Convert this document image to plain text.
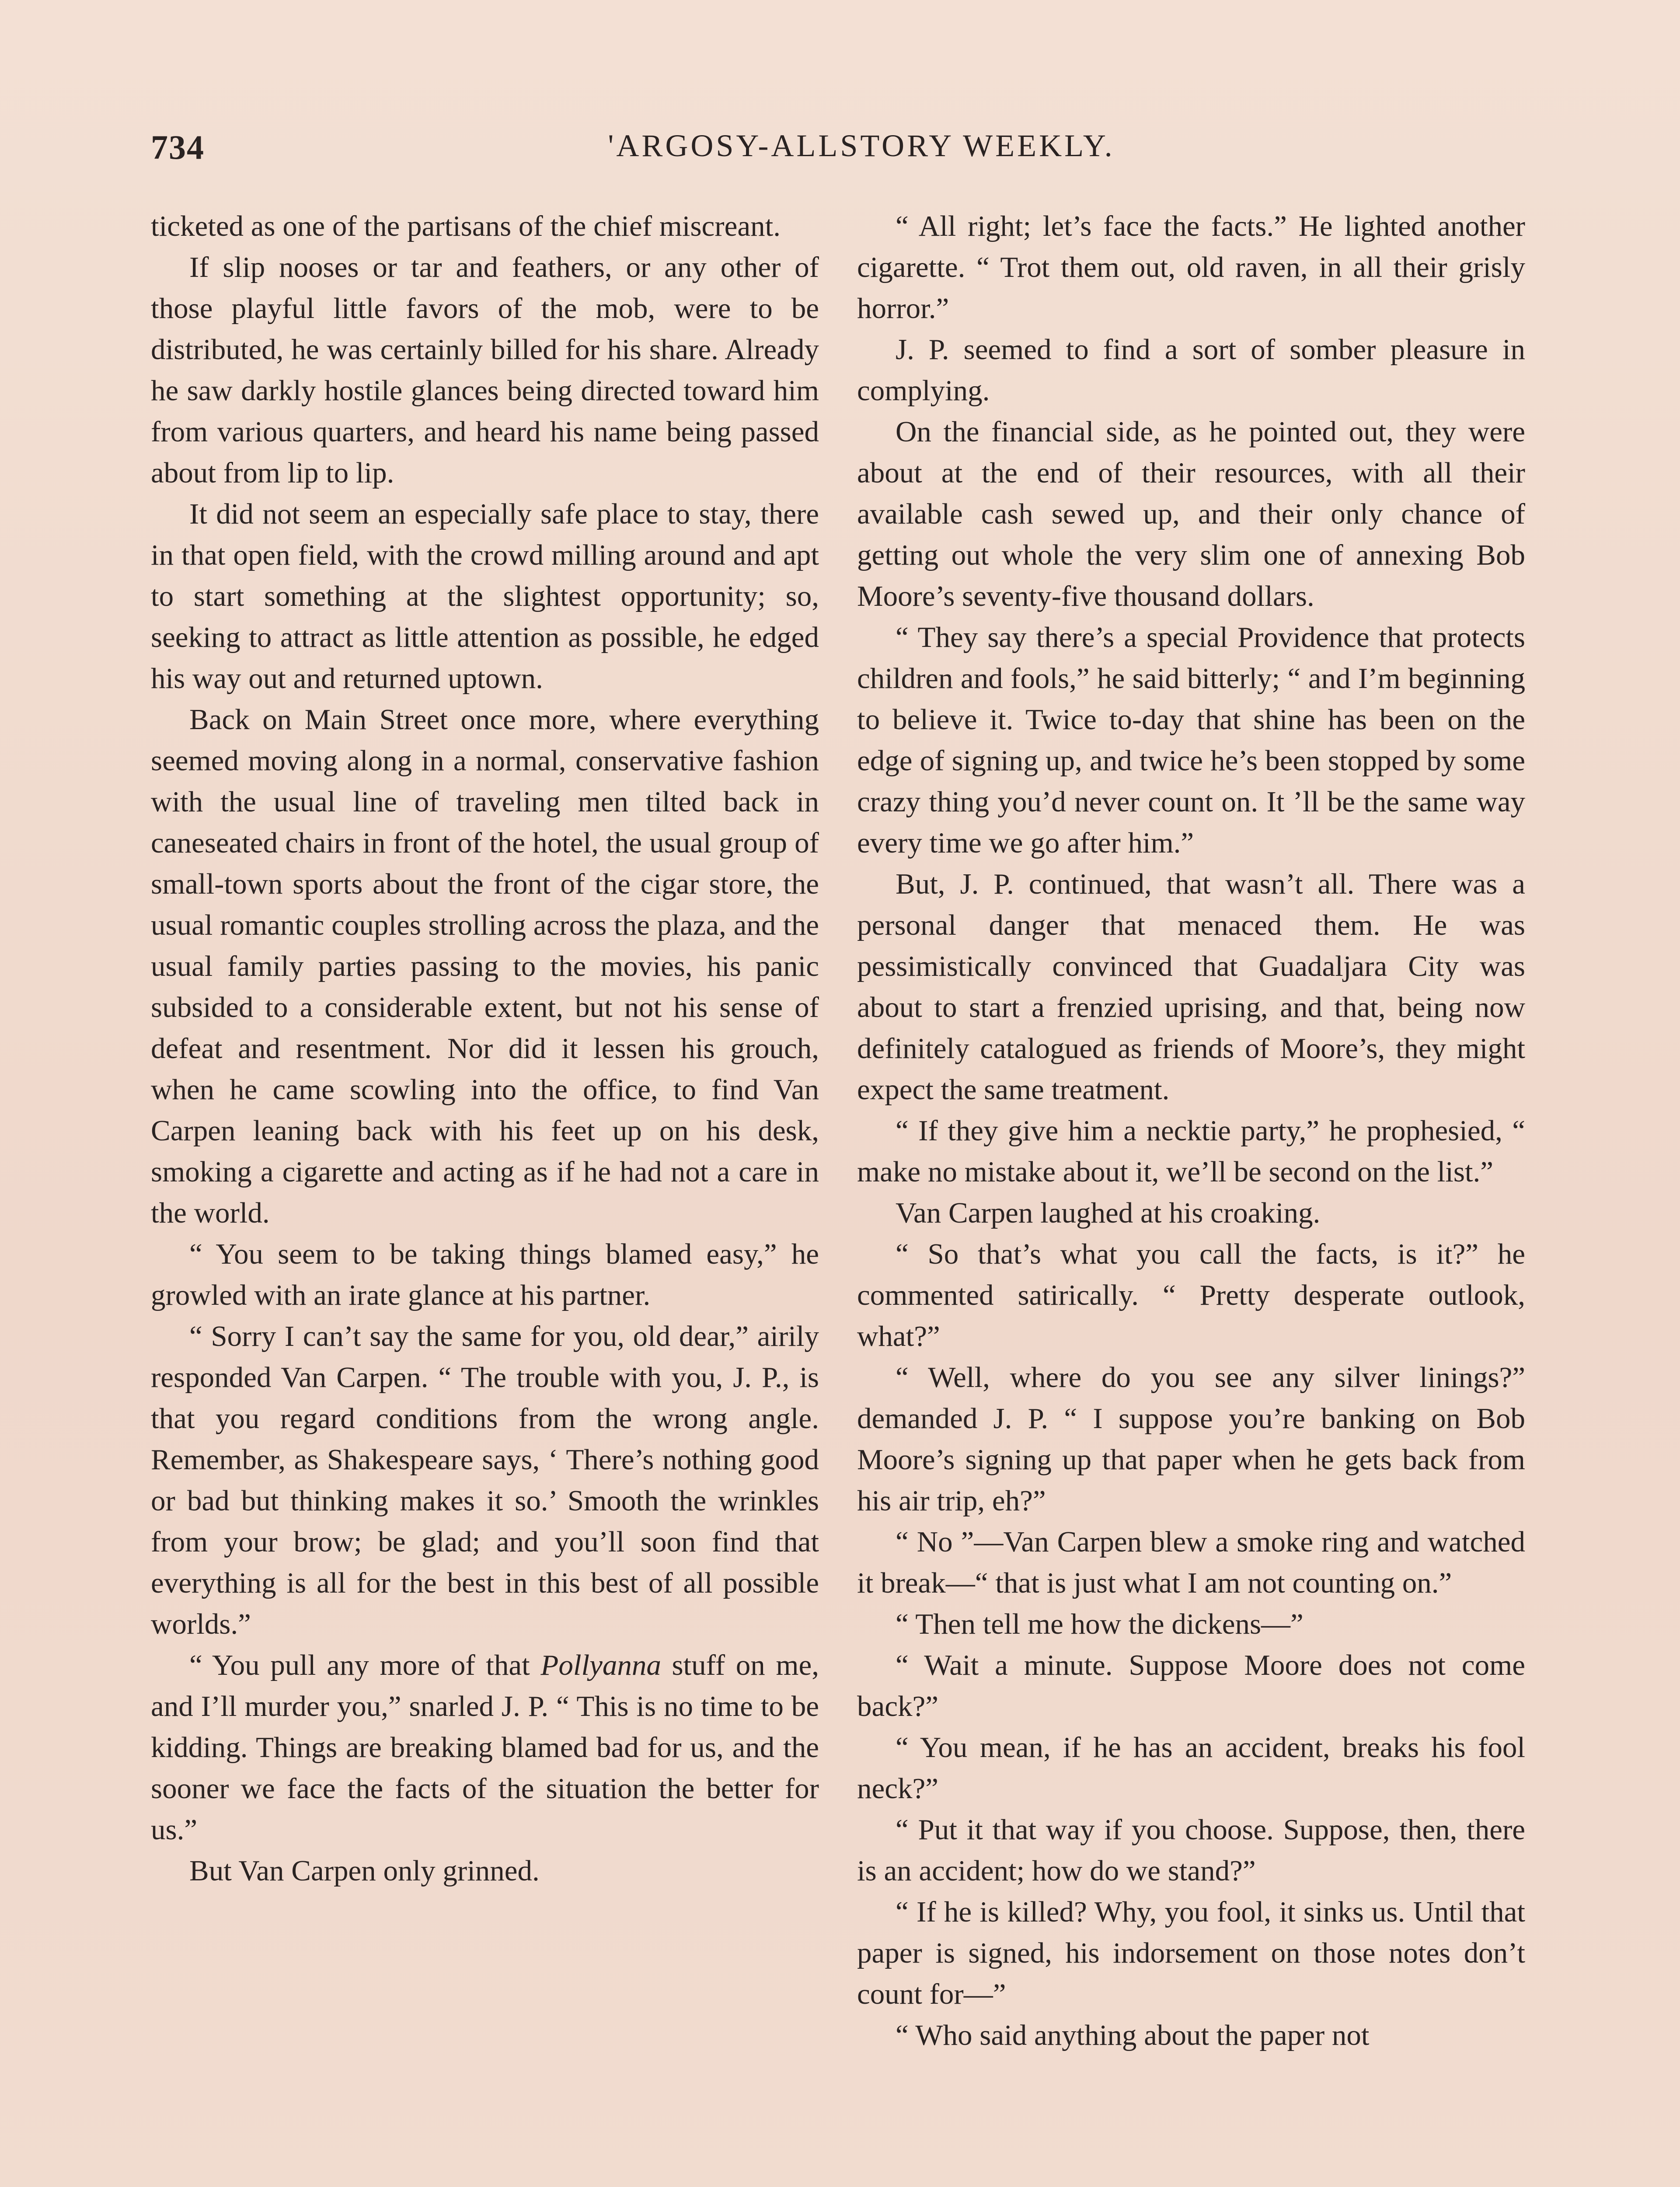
734	'ARGOSY-ALLSTORY WEEKLY.

ticketed as one of the partisans of the chief miscreant.

If slip nooses or tar and feathers, or any other of those playful little favors of the mob, were to be distributed, he was certainly billed for his share. Already he saw darkly hostile glances being directed toward him from various quarters, and heard his name being passed about from lip to lip.

It did not seem an especially safe place to stay, there in that open field, with the crowd milling around and apt to start something at the slightest opportunity; so, seeking to attract as little attention as possible, he edged his way out and returned uptown.

Back on Main Street once more, where everything seemed moving along in a normal, conservative fashion with the usual line of traveling men tilted back in caneseated chairs in front of the hotel, the usual group of small-town sports about the front of the cigar store, the usual romantic couples strolling across the plaza, and the usual family parties passing to the movies, his panic subsided to a considerable extent, but not his sense of defeat and resentment. Nor did it lessen his grouch, when he came scowling into the office, to find Van Carpen leaning back with his feet up on his desk, smoking a cigarette and acting as if he had not a care in the world.

“ You seem to be taking things blamed easy,” he growled with an irate glance at his partner.

“ Sorry I can’t say the same for you, old dear,” airily responded Van Carpen. “ The trouble with you, J. P., is that you regard conditions from the wrong angle. Remember, as Shakespeare says, ‘ There’s nothing good or bad but thinking makes it so.’ Smooth the wrinkles from your brow; be glad; and you’ll soon find that everything is all for the best in this best of all possible worlds.”

“ You pull any more of that Pollyanna stuff on me, and I’ll murder you,” snarled J. P. “ This is no time to be kidding. Things are breaking blamed bad for us, and the sooner we face the facts of the situation the better for us.”

But Van Carpen only grinned.

“ All right; let’s face the facts.” He lighted another cigarette. “ Trot them out, old raven, in all their grisly horror.”

J. P. seemed to find a sort of somber pleasure in complying.

On the financial side, as he pointed out, they were about at the end of their resources, with all their available cash sewed up, and their only chance of getting out whole the very slim one of annexing Bob Moore’s seventy-five thousand dollars.

“ They say there’s a special Providence that protects children and fools,” he said bitterly; “ and I’m beginning to believe it. Twice to-day that shine has been on the edge of signing up, and twice he’s been stopped by some crazy thing you’d never count on. It ’ll be the same way every time we go after him.”

But, J. P. continued, that wasn’t all. There was a personal danger that menaced them. He was pessimistically convinced that Guadaljara City was about to start a frenzied uprising, and that, being now definitely catalogued as friends of Moore’s, they might expect the same treatment.

“ If they give him a necktie party,” he prophesied, “ make no mistake about it, we’ll be second on the list.”

Van Carpen laughed at his croaking.

“ So that’s what you call the facts, is it?” he commented satirically. “ Pretty desperate outlook, what?”

“ Well, where do you see any silver linings?” demanded J. P. “ I suppose you’re banking on Bob Moore’s signing up that paper when he gets back from his air trip, eh?”

“ No ”—Van Carpen blew a smoke ring and watched it break—“ that is just what I am not counting on.”

“ Then tell me how the dickens—”

“ Wait a minute. Suppose Moore does not come back?”

“ You mean, if he has an accident, breaks his fool neck?”

“ Put it that way if you choose. Suppose, then, there is an accident; how do we stand?”

“ If he is killed? Why, you fool, it sinks us. Until that paper is signed, his indorsement on those notes don’t count for—”

“ Who said anything about the paper not
